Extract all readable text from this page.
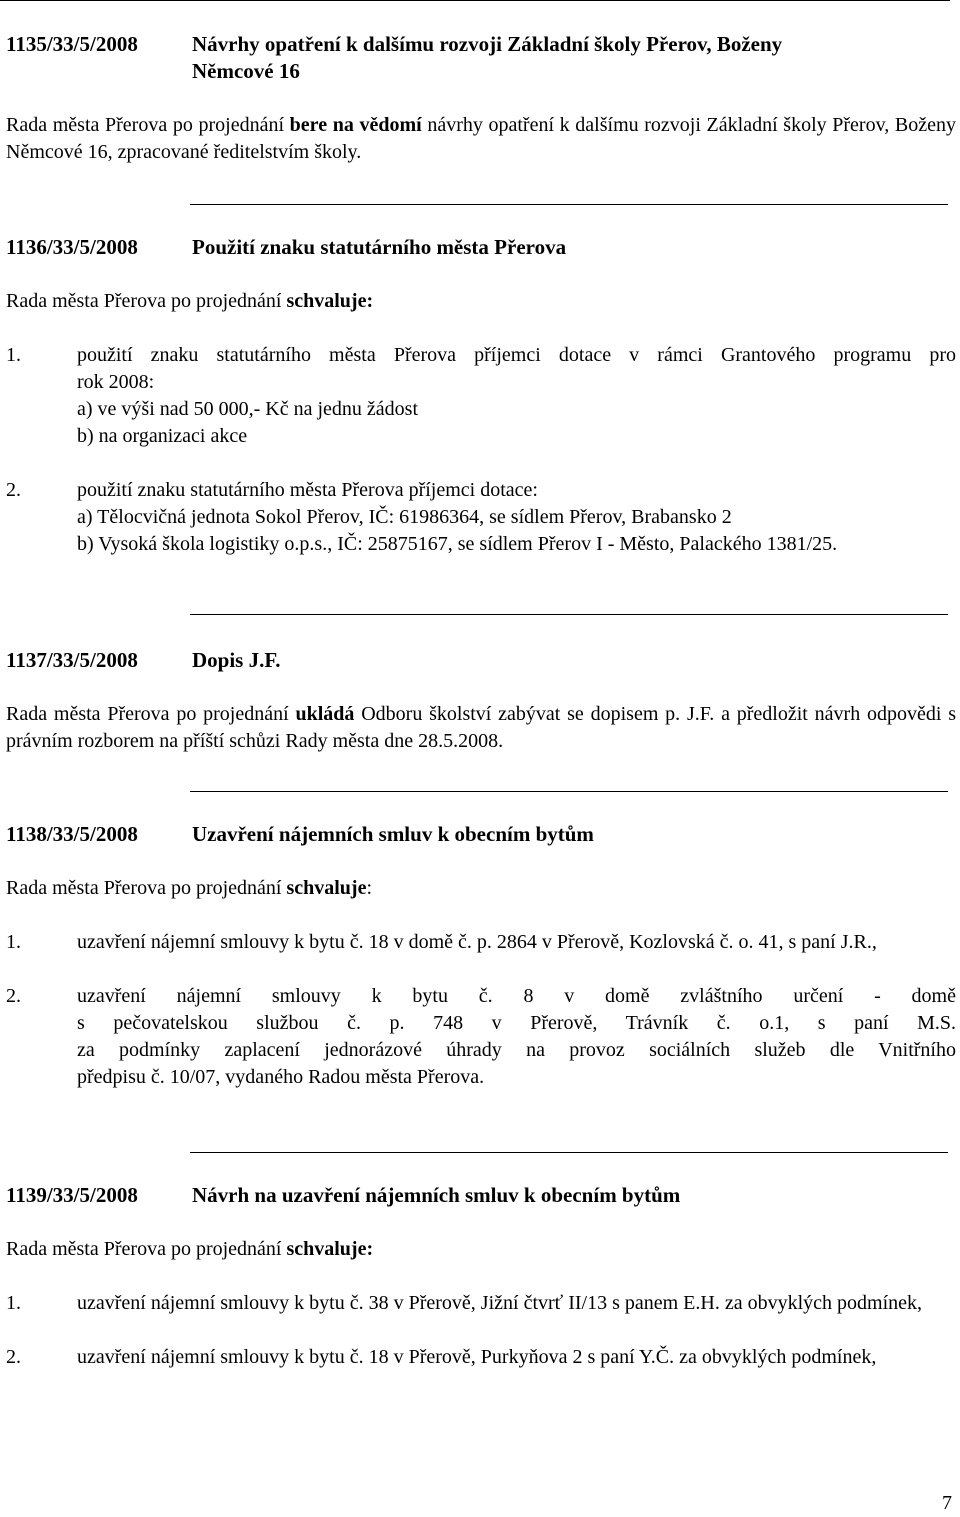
1135/33/5/2008	Návrhy opatření k dalšímu rozvoji Základní školy Přerov, Boženy
Němcové 16
Rada města Přerova po projednání bere na vědomí návrhy opatření k dalšímu rozvoji Základní školy Přerov, Boženy Němcové 16, zpracované ředitelstvím školy.
1136/33/5/2008	Použití znaku statutárního města Přerova
Rada města Přerova po projednání schvaluje:
1.	použití znaku statutárního města Přerova příjemci dotace v rámci Grantového programu pro
rok 2008:
a) ve výši nad 50 000,- Kč na jednu žádost
b) na organizaci akce
2.	použití znaku statutárního města Přerova příjemci dotace:
a) Tělocvičná jednota Sokol Přerov, IČ: 61986364, se sídlem Přerov, Brabansko 2
b) Vysoká škola logistiky o.p.s., IČ: 25875167, se sídlem Přerov I - Město, Palackého 1381/25.
1137/33/5/2008	Dopis J.F.
Rada města Přerova po projednání ukládá Odboru školství zabývat se dopisem p. J.F. a předložit návrh odpovědi s právním rozborem na příští schůzi Rady města dne 28.5.2008.
1138/33/5/2008	Uzavření nájemních smluv k obecním bytům
Rada města Přerova po projednání schvaluje:
1.	uzavření nájemní smlouvy k bytu č. 18 v domě č. p. 2864 v Přerově, Kozlovská č. o. 41, s paní J.R.,
2.	uzavření nájemní smlouvy k bytu č. 8 v domě zvláštního určení - domě
s pečovatelskou službou č. p. 748 v Přerově, Trávník č. o.1, s paní M.S.
za podmínky zaplacení jednorázové úhrady na provoz sociálních služeb dle Vnitřního
předpisu č. 10/07, vydaného Radou města Přerova.
1139/33/5/2008	Návrh na uzavření nájemních smluv k obecním bytům
Rada města Přerova po projednání schvaluje:
1.	uzavření nájemní smlouvy k bytu č. 38 v Přerově, Jižní čtvrť II/13 s panem E.H. za obvyklých podmínek,
2.	uzavření nájemní smlouvy k bytu č. 18 v Přerově, Purkyňova 2 s paní Y.Č. za obvyklých podmínek,
7
